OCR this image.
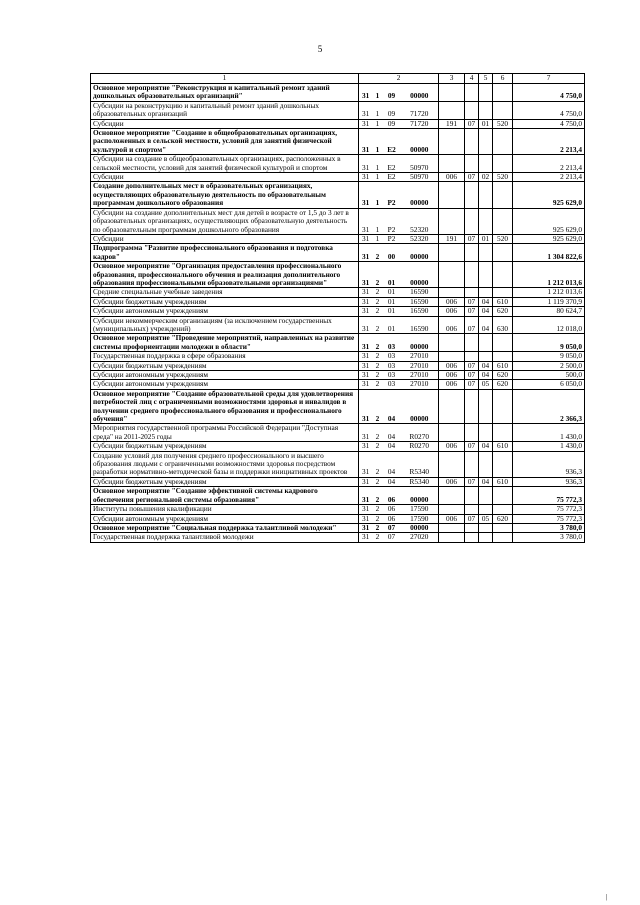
5
1	2				3	4	5	6	7
Основное мероприятие "Реконструкция и капитальный ремонт зданий дошкольных образовательных организаций"	31	1	09	00000					4 750,0
Субсидии на реконструкцию и капитальный ремонт зданий дошкольных образовательных организаций	31	1	09	71720					4 750,0
Субсидии	31	1	09	71720	191	07	01	520	4 750,0
Основное мероприятие "Создание в общеобразовательных организациях, расположенных в сельской местности, условий для занятий физической культурой и спортом"	31	1	E2	00000					2 213,4
Субсидии на создание в общеобразовательных организациях, расположенных в сельской местности, условий для занятий физической культурой и спортом	31	1	E2	50970					2 213,4
Субсидии	31	1	E2	50970	006	07	02	520	2 213,4
Создание дополнительных мест в образовательных организациях, осуществляющих образовательную деятельность по образовательным программам дошкольного образования	31	1	P2	00000					925 629,0
Субсидии на создание дополнительных мест для детей в возрасте от 1,5 до 3 лет в образовательных организациях, осуществляющих образовательную деятельность по образовательным программам дошкольного образования	31	1	P2	52320					925 629,0
Субсидии	31	1	P2	52320	191	07	01	520	925 629,0
Подпрограмма "Развитие профессионального образования и подготовка кадров"	31	2	00	00000					1 304 822,6
Основное мероприятие "Организация предоставления профессионального образования, профессионального обучения и реализация дополнительного образования профессиональными образовательными организациями"	31	2	01	00000					1 212 013,6
Средние специальные учебные заведения	31	2	01	16590					1 212 013,6
Субсидии бюджетным учреждениям	31	2	01	16590	006	07	04	610	1 119 370,9
Субсидии автономным учреждениям	31	2	01	16590	006	07	04	620	80 624,7
Субсидии некоммерческим организациям (за исключением государственных (муниципальных) учреждений)	31	2	01	16590	006	07	04	630	12 018,0
Основное мероприятие "Проведение мероприятий, направленных на развитие системы профориентации молодежи в области"	31	2	03	00000					9 050,0
Государственная поддержка в сфере образования	31	2	03	27010					9 050,0
Субсидии бюджетным учреждениям	31	2	03	27010	006	07	04	610	2 500,0
Субсидии автономным учреждениям	31	2	03	27010	006	07	04	620	500,0
Субсидии автономным учреждениям	31	2	03	27010	006	07	05	620	6 050,0
Основное мероприятие "Создание образовательной среды для удовлетворения потребностей лиц с ограниченными возможностями здоровья и инвалидов в получении среднего профессионального образования и профессионального обучения"	31	2	04	00000					2 366,3
Мероприятия государственной программы Российской Федерации "Доступная среда" на 2011-2025 годы	31	2	04	R0270					1 430,0
Субсидии бюджетным учреждениям	31	2	04	R0270	006	07	04	610	1 430,0
Создание условий для получения среднего профессионального и высшего образования людьми с ограниченными возможностями здоровья посредством разработки нормативно-методической базы и поддержки инициативных проектов	31	2	04	R5340					936,3
Субсидии бюджетным учреждениям	31	2	04	R5340	006	07	04	610	936,3
Основное мероприятие "Создание эффективной системы кадрового обеспечения региональной системы образования"	31	2	06	00000					75 772,3
Институты повышения квалификации	31	2	06	17590					75 772,3
Субсидии автономным учреждениям	31	2	06	17590	006	07	05	620	75 772,3
Основное мероприятие "Социальная поддержка талантливой молодежи"	31	2	07	00000					3 780,0
Государственная поддержка талантливой молодежи	31	2	07	27020					3 780,0
|
